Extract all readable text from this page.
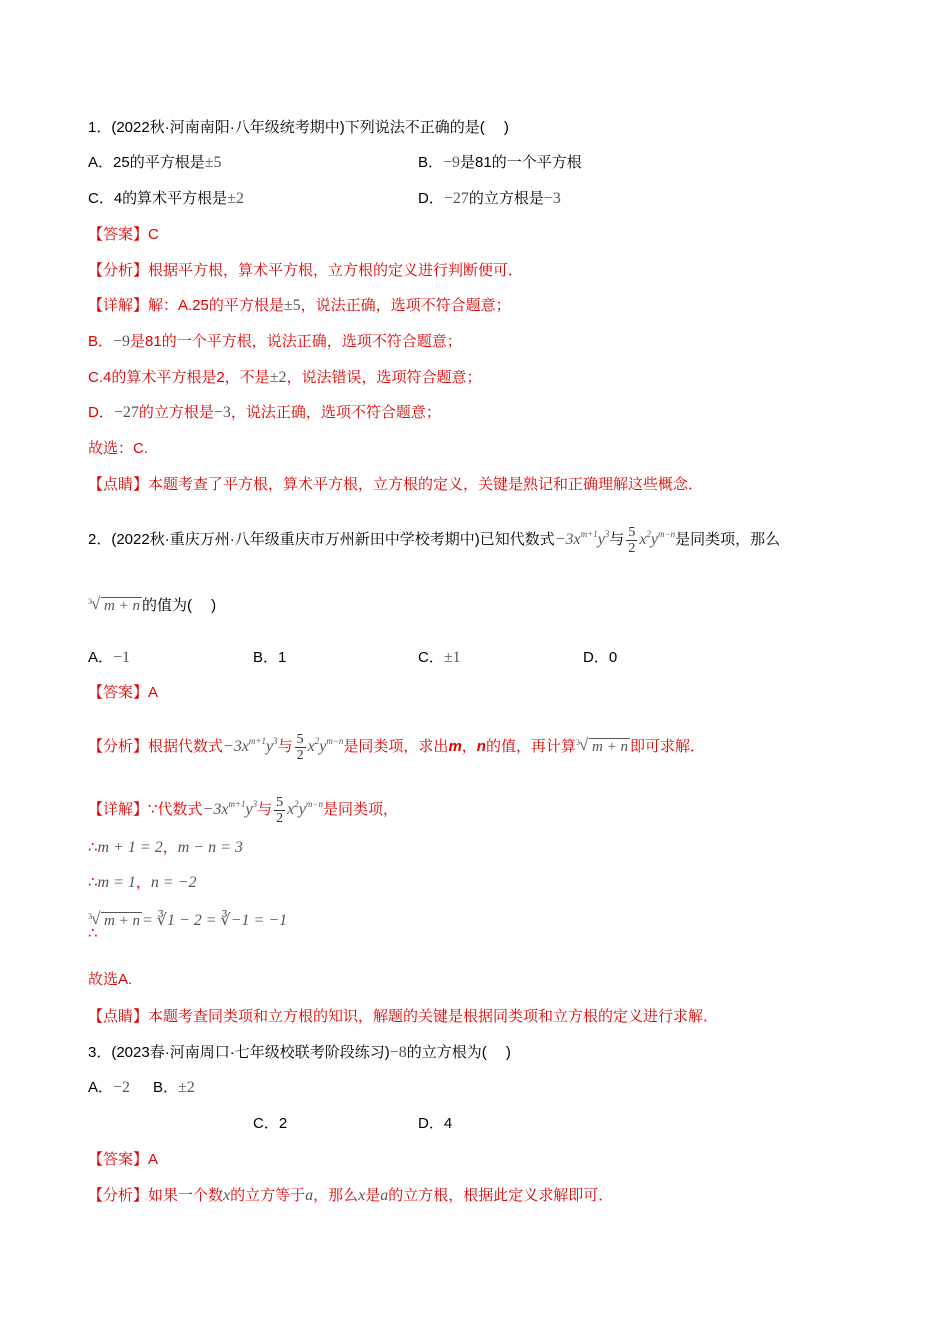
1．(2022秋·河南南阳·八年级统考期中)下列说法不正确的是(　 )
A．25的平方根是±5	B．−9是81的一个平方根
C．4的算术平方根是±2	D．−27的立方根是−3
【答案】C
【分析】根据平方根，算术平方根，立方根的定义进行判断便可．
【详解】解：A.25的平方根是±5，说法正确，选项不符合题意；
B．−9是81的一个平方根，说法正确，选项不符合题意；
C.4的算术平方根是2，不是±2，说法错误，选项符合题意；
D．−27的立方根是−3，说法正确，选项不符合题意；
故选：C.
【点睛】本题考查了平方根，算术平方根，立方根的定义，关键是熟记和正确理解这些概念．
2．(2022秋·重庆万州·八年级重庆市万州新田中学校考期中)已知代数式$-3x^{m+1}y^3$与 $\frac{5}{2} x^2y^{m-n}$是同类项，那么
3 √ m + n 的值为(　 )
A．−1	B．1	C．±1	D．0
【答案】A
【分析】根据代数式$-3x^{m+1}y^3$与 $\frac{5}{2} x^2y^{m-n}$是同类项，求出m，n的值，再计算 3 √ m + n 即可求解．
【详解】∵代数式$-3x^{m+1}y^3$与 $\frac{5}{2} x^2y^{m-n}$是同类项，
∴m + 1 = 2，m − n = 3
∴m = 1，n = −2
3 √ m + n = ∛1 − 2 = ∛−1 = −1
∴
故选A.
【点睛】本题考查同类项和立方根的知识，解题的关键是根据同类项和立方根的定义进行求解．
3．(2023春·河南周口·七年级校联考阶段练习)−8的立方根为(　 )
A．−2 B．±2
C．2	D．4
【答案】A
【分析】如果一个数x的立方等于a，那么x是a的立方根，根据此定义求解即可．
